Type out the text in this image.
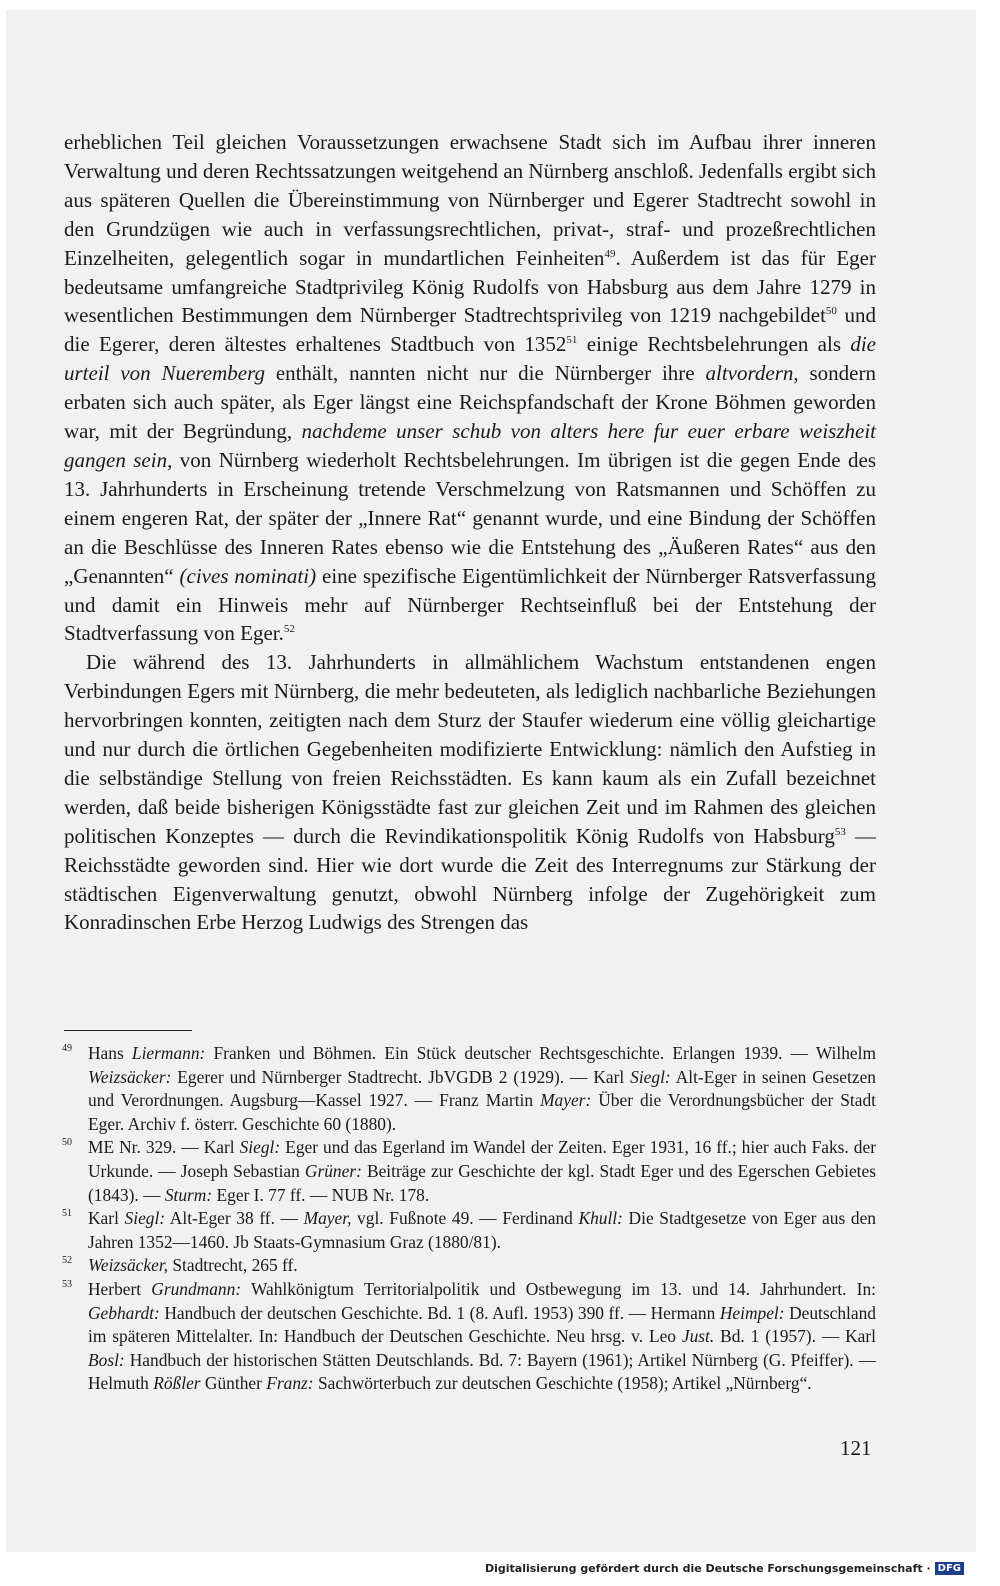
erheblichen Teil gleichen Voraussetzungen erwachsene Stadt sich im Aufbau ihrer inneren Verwaltung und deren Rechtssatzungen weitgehend an Nürnberg anschloß. Jedenfalls ergibt sich aus späteren Quellen die Übereinstimmung von Nürnberger und Egerer Stadtrecht sowohl in den Grundzügen wie auch in verfassungsrechtlichen, privat-, straf- und prozeßrechtlichen Einzelheiten, gelegentlich sogar in mundartlichen Feinheiten$^{49}$. Außerdem ist das für Eger bedeutsame umfangreiche Stadtprivileg König Rudolfs von Habsburg aus dem Jahre 1279 in wesentlichen Bestimmungen dem Nürnberger Stadtrechtsprivileg von 1219 nachgebildet$^{50}$ und die Egerer, deren ältestes erhaltenes Stadtbuch von 1352$^{51}$ einige Rechtsbelehrungen als die urteil von Nueremberg enthält, nannten nicht nur die Nürnberger ihre altvordern, sondern erbaten sich auch später, als Eger längst eine Reichspfandschaft der Krone Böhmen geworden war, mit der Begründung, nachdeme unser schub von alters here fur euer erbare weiszheit gangen sein, von Nürnberg wiederholt Rechtsbelehrungen. Im übrigen ist die gegen Ende des 13. Jahrhunderts in Erscheinung tretende Verschmelzung von Ratsmannen und Schöffen zu einem engeren Rat, der später der „Innere Rat“ genannt wurde, und eine Bindung der Schöffen an die Beschlüsse des Inneren Rates ebenso wie die Entstehung des „Äußeren Rates“ aus den „Genannten“ (cives nominati) eine spezifische Eigentümlichkeit der Nürnberger Ratsverfassung und damit ein Hinweis mehr auf Nürnberger Rechtseinfluß bei der Entstehung der Stadtverfassung von Eger.$^{52}$

Die während des 13. Jahrhunderts in allmählichem Wachstum entstandenen engen Verbindungen Egers mit Nürnberg, die mehr bedeuteten, als lediglich nachbarliche Beziehungen hervorbringen konnten, zeitigten nach dem Sturz der Staufer wiederum eine völlig gleichartige und nur durch die örtlichen Gegebenheiten modifizierte Entwicklung: nämlich den Aufstieg in die selbständige Stellung von freien Reichsstädten. Es kann kaum als ein Zufall bezeichnet werden, daß beide bisherigen Königsstädte fast zur gleichen Zeit und im Rahmen des gleichen politischen Konzeptes — durch die Revindikationspolitik König Rudolfs von Habsburg$^{53}$ — Reichsstädte geworden sind. Hier wie dort wurde die Zeit des Interregnums zur Stärkung der städtischen Eigenverwaltung genutzt, obwohl Nürnberg infolge der Zugehörigkeit zum Konradinschen Erbe Herzog Ludwigs des Strengen das

49 Hans Liermann: Franken und Böhmen. Ein Stück deutscher Rechtsgeschichte. Erlangen 1939. — Wilhelm Weizsäcker: Egerer und Nürnberger Stadtrecht. JbVGDB 2 (1929). — Karl Siegl: Alt-Eger in seinen Gesetzen und Verordnungen. Augsburg—Kassel 1927. — Franz Martin Mayer: Über die Verordnungsbücher der Stadt Eger. Archiv f. österr. Geschichte 60 (1880).

50 ME Nr. 329. — Karl Siegl: Eger und das Egerland im Wandel der Zeiten. Eger 1931, 16 ff.; hier auch Faks. der Urkunde. — Joseph Sebastian Grüner: Beiträge zur Geschichte der kgl. Stadt Eger und des Egerschen Gebietes (1843). — Sturm: Eger I. 77 ff. — NUB Nr. 178.

51 Karl Siegl: Alt-Eger 38 ff. — Mayer, vgl. Fußnote 49. — Ferdinand Khull: Die Stadtgesetze von Eger aus den Jahren 1352—1460. Jb Staats-Gymnasium Graz (1880/81).

52 Weizsäcker, Stadtrecht, 265 ff.

53 Herbert Grundmann: Wahlkönigtum Territorialpolitik und Ostbewegung im 13. und 14. Jahrhundert. In: Gebhardt: Handbuch der deutschen Geschichte. Bd. 1 (8. Aufl. 1953) 390 ff. — Hermann Heimpel: Deutschland im späteren Mittelalter. In: Handbuch der Deutschen Geschichte. Neu hrsg. v. Leo Just. Bd. 1 (1957). — Karl Bosl: Handbuch der historischen Stätten Deutschlands. Bd. 7: Bayern (1961); Artikel Nürnberg (G. Pfeiffer). — Helmuth Rößler Günther Franz: Sachwörterbuch zur deutschen Geschichte (1958); Artikel „Nürnberg“.

121
Digitalisierung gefördert durch die Deutsche Forschungsgemeinschaft · DFG
